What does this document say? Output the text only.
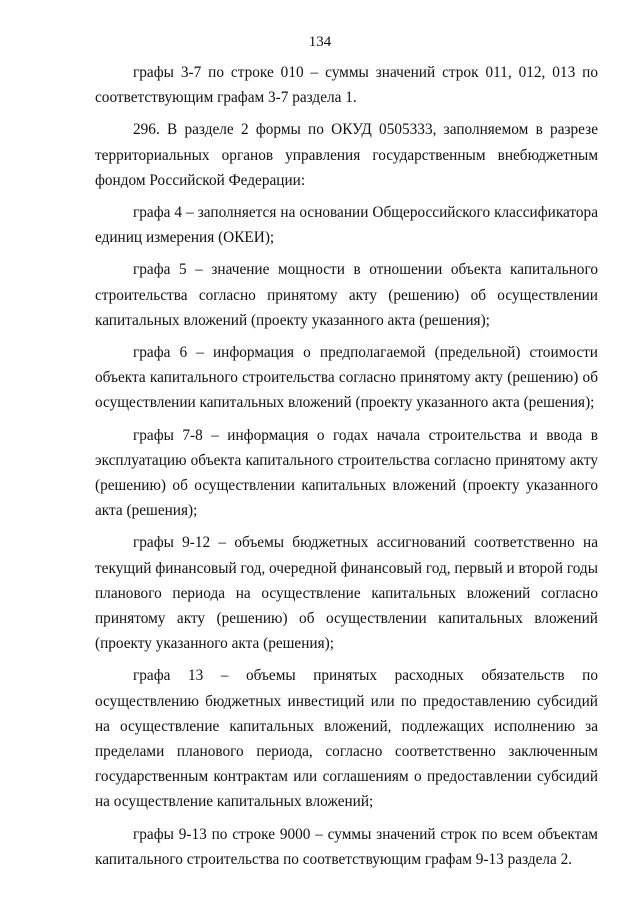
134

графы 3-7 по строке 010 – суммы значений строк 011, 012, 013 по соответствующим графам 3-7 раздела 1.

296. В разделе 2 формы по ОКУД 0505333, заполняемом в разрезе территориальных органов управления государственным внебюджетным фондом Российской Федерации:

графа 4 – заполняется на основании Общероссийского классификатора единиц измерения (ОКЕИ);

графа 5 – значение мощности в отношении объекта капитального строительства согласно принятому акту (решению) об осуществлении капитальных вложений (проекту указанного акта (решения);

графа 6 – информация о предполагаемой (предельной) стоимости объекта капитального строительства согласно принятому акту (решению) об осуществлении капитальных вложений (проекту указанного акта (решения);

графы 7-8 – информация о годах начала строительства и ввода в эксплуатацию объекта капитального строительства согласно принятому акту (решению) об осуществлении капитальных вложений (проекту указанного акта (решения);

графы 9-12 – объемы бюджетных ассигнований соответственно на текущий финансовый год, очередной финансовый год, первый и второй годы планового периода на осуществление капитальных вложений согласно принятому акту (решению) об осуществлении капитальных вложений (проекту указанного акта (решения);

графа 13 – объемы принятых расходных обязательств по осуществлению бюджетных инвестиций или по предоставлению субсидий на осуществление капитальных вложений, подлежащих исполнению за пределами планового периода, согласно соответственно заключенным государственным контрактам или соглашениям о предоставлении субсидий на осуществление капитальных вложений;

графы 9-13 по строке 9000 – суммы значений строк по всем объектам капитального строительства по соответствующим графам 9-13 раздела 2.
